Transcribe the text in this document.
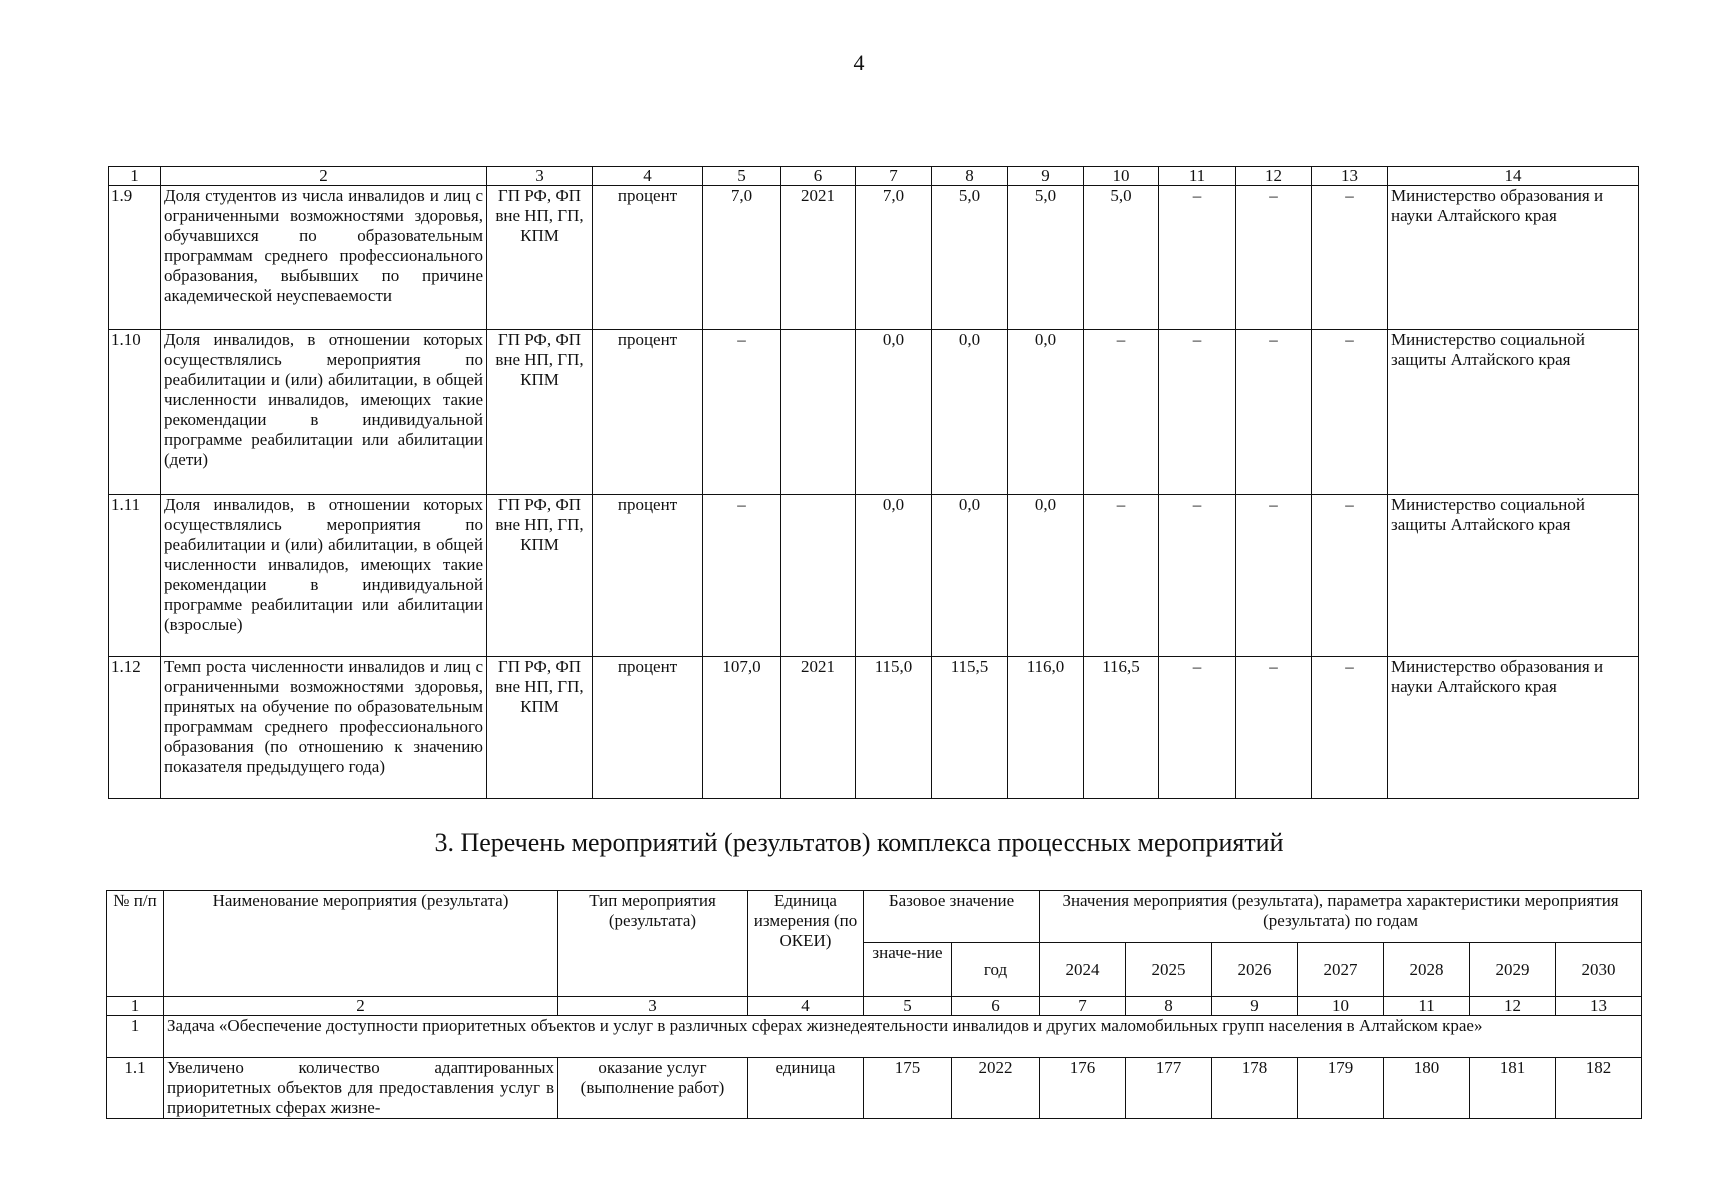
4
1	2	3	4	5	6	7	8	9	10	11	12	13	14
1.9	Доля студентов из числа инвалидов и лиц с ограниченными возможностями здоровья, обучавшихся по образовательным программам среднего профессионального образования, выбывших по причине академической неуспеваемости	ГП РФ, ФП вне НП, ГП, КПМ	процент	7,0	2021	7,0	5,0	5,0	5,0	–	–	–	Министерство образования и науки Алтайского края
1.10	Доля инвалидов, в отношении которых осуществлялись мероприятия по реабилитации и (или) абилитации, в общей численности инвалидов, имеющих такие рекомендации в индивидуальной программе реабилитации или абилитации (дети)	ГП РФ, ФП вне НП, ГП, КПМ	процент	–		0,0	0,0	0,0	–	–	–	–	Министерство социальной защиты Алтайского края
1.11	Доля инвалидов, в отношении которых осуществлялись мероприятия по реабилитации и (или) абилитации, в общей численности инвалидов, имеющих такие рекомендации в индивидуальной программе реабилитации или абилитации (взрослые)	ГП РФ, ФП вне НП, ГП, КПМ	процент	–		0,0	0,0	0,0	–	–	–	–	Министерство социальной защиты Алтайского края
1.12	Темп роста численности инвалидов и лиц с ограниченными возможностями здоровья, принятых на обучение по образовательным программам среднего профессионального образования (по отношению к значению показателя предыдущего года)	ГП РФ, ФП вне НП, ГП, КПМ	процент	107,0	2021	115,0	115,5	116,0	116,5	–	–	–	Министерство образования и науки Алтайского края
3. Перечень мероприятий (результатов) комплекса процессных мероприятий
№ п/п	Наименование мероприятия (результата)	Тип мероприятия (результата)	Единица измерения (по ОКЕИ)	Базовое значение		Значения мероприятия (результата), параметра характеристики мероприятия (результата) по годам						
				значе-ние	год	2024	2025	2026	2027	2028	2029	2030
1	2	3	4	5	6	7	8	9	10	11	12	13
1	Задача «Обеспечение доступности приоритетных объектов и услуг в различных сферах жизнедеятельности инвалидов и других маломобильных групп населения в Алтайском крае»											
1.1	Увеличено количество адаптированных приоритетных объектов для предоставления услуг в приоритетных сферах жизне-	оказание услуг (выполнение работ)	единица	175	2022	176	177	178	179	180	181	182
